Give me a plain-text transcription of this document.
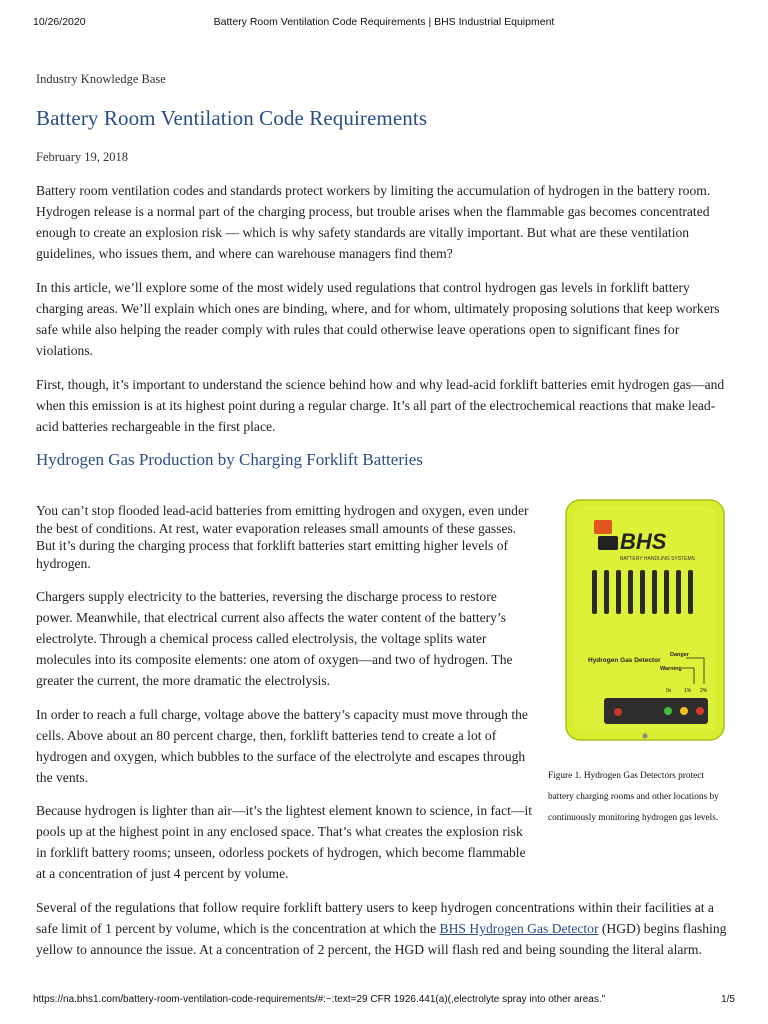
10/26/2020	Battery Room Ventilation Code Requirements | BHS Industrial Equipment
Industry Knowledge Base
Battery Room Ventilation Code Requirements
February 19, 2018

Battery room ventilation codes and standards protect workers by limiting the accumulation of hydrogen in the battery room. Hydrogen release is a normal part of the charging process, but trouble arises when the flammable gas becomes concentrated enough to create an explosion risk — which is why safety standards are vitally important. But what are these ventilation guidelines, who issues them, and where can warehouse managers find them?

In this article, we’ll explore some of the most widely used regulations that control hydrogen gas levels in forklift battery charging areas. We’ll explain which ones are binding, where, and for whom, ultimately proposing solutions that keep workers safe while also helping the reader comply with rules that could otherwise leave operations open to significant fines for violations.

First, though, it’s important to understand the science behind how and why lead-acid forklift batteries emit hydrogen gas—and when this emission is at its highest point during a regular charge. It’s all part of the electrochemical reactions that make lead-acid batteries rechargeable in the first place.

Hydrogen Gas Production by Charging Forklift Batteries

You can’t stop flooded lead-acid batteries from emitting hydrogen and oxygen, even under the best of conditions. At rest, water evaporation releases small amounts of these gasses. But it’s during the charging process that forklift batteries start emitting higher levels of hydrogen.

Chargers supply electricity to the batteries, reversing the discharge process to restore power. Meanwhile, that electrical current also affects the water content of the battery’s electrolyte. Through a chemical process called electrolysis, the voltage splits water molecules into its composite elements: one atom of oxygen—and two of hydrogen. The greater the current, the more dramatic the electrolysis.

In order to reach a full charge, voltage above the battery’s capacity must move through the cells. Above about an 80 percent charge, then, forklift batteries tend to create a lot of hydrogen and oxygen, which bubbles to the surface of the electrolyte and escapes through the vents.

Because hydrogen is lighter than air—it’s the lightest element known to science, in fact—it pools up at the highest point in any enclosed space. That’s what creates the explosion risk in forklift battery rooms; unseen, odorless pockets of hydrogen, which become flammable at a concentration of just 4 percent by volume.

Several of the regulations that follow require forklift battery users to keep hydrogen concentrations within their facilities at a safe limit of 1 percent by volume, which is the concentration at which the BHS Hydrogen Gas Detector (HGD) begins flashing yellow to announce the issue. At a concentration of 2 percent, the HGD will flash red and being sounding the literal alarm.

BHS
BATTERY HANDLING SYSTEMS
Hydrogen Gas Detector
Danger
Warning
0x	1% 2%
Figure 1. Hydrogen Gas Detectors protect battery charging rooms and other locations by continuously monitoring hydrogen gas levels.
https://na.bhs1.com/battery-room-ventilation-code-requirements/#:~:text=29 CFR 1926.441(a)(,electrolyte spray into other areas."	1/5
